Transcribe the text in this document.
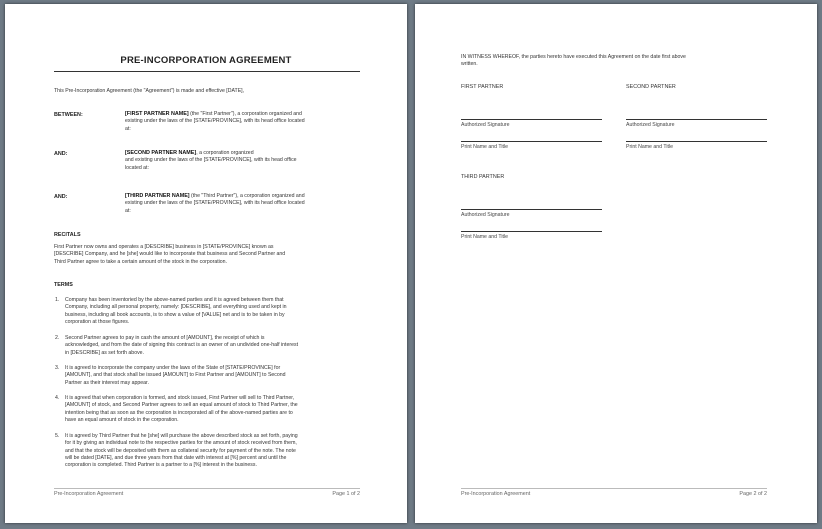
PRE-INCORPORATION AGREEMENT
This Pre-Incorporation Agreement (the "Agreement") is made and effective [DATE],
BETWEEN:	[FIRST PARTNER NAME] (the "First Partner"), a corporation organized and
existing under the laws of the [STATE/PROVINCE], with its head office located
at:
AND:	[SECOND PARTNER NAME], a corporation organized
and existing under the laws of the [STATE/PROVINCE], with its head office
located at:
AND:	[THIRD PARTNER NAME] (the "Third Partner"), a corporation organized and
existing under the laws of the [STATE/PROVINCE], with its head office located
at:
RECITALS
First Partner now owns and operates a [DESCRIBE] business in [STATE/PROVINCE] known as
[DESCRIBE] Company, and he [she] would like to incorporate that business and Second Partner and
Third Partner agree to take a certain amount of the stock in the corporation.
TERMS
1. Company has been inventoried by the above-named parties and it is agreed between them that
Company, including all personal property, namely: [DESCRIBE], and everything used and kept in
business, including all book accounts, is to show a value of [VALUE] net and is to be taken in by
corporation at those figures.
2. Second Partner agrees to pay in cash the amount of [AMOUNT], the receipt of which is
acknowledged, and from the date of signing this contract is an owner of an undivided one-half interest
in [DESCRIBE] as set forth above.
3. It is agreed to incorporate the company under the laws of the State of [STATE/PROVINCE] for
[AMOUNT], and that stock shall be issued [AMOUNT] to First Partner and [AMOUNT] to Second
Partner as their interest may appear.
4. It is agreed that when corporation is formed, and stock issued, First Partner will sell to Third Partner,
[AMOUNT] of stock, and Second Partner agrees to sell an equal amount of stock to Third Partner, the
intention being that as soon as the corporation is incorporated all of the above-named parties are to
have an equal amount of stock in the corporation.
5. It is agreed by Third Partner that he [she] will purchase the above described stock as set forth, paying
for it by giving an individual note to the respective parties for the amount of stock received from them,
and that the stock will be deposited with them as collateral security for payment of the note. The note
will be dated [DATE], and due three years from that date with interest at [%] percent and until the
corporation is completed. Third Partner is a partner to a [%] interest in the business.
Pre-Incorporation Agreement	Page 1 of 2
IN WITNESS WHEREOF, the parties hereto have executed this Agreement on the date first above
written.
FIRST PARTNER	SECOND PARTNER
Authorized Signature	Authorized Signature
Print Name and Title	Print Name and Title
THIRD PARTNER
Authorized Signature
Print Name and Title
Pre-Incorporation Agreement	Page 2 of 2
